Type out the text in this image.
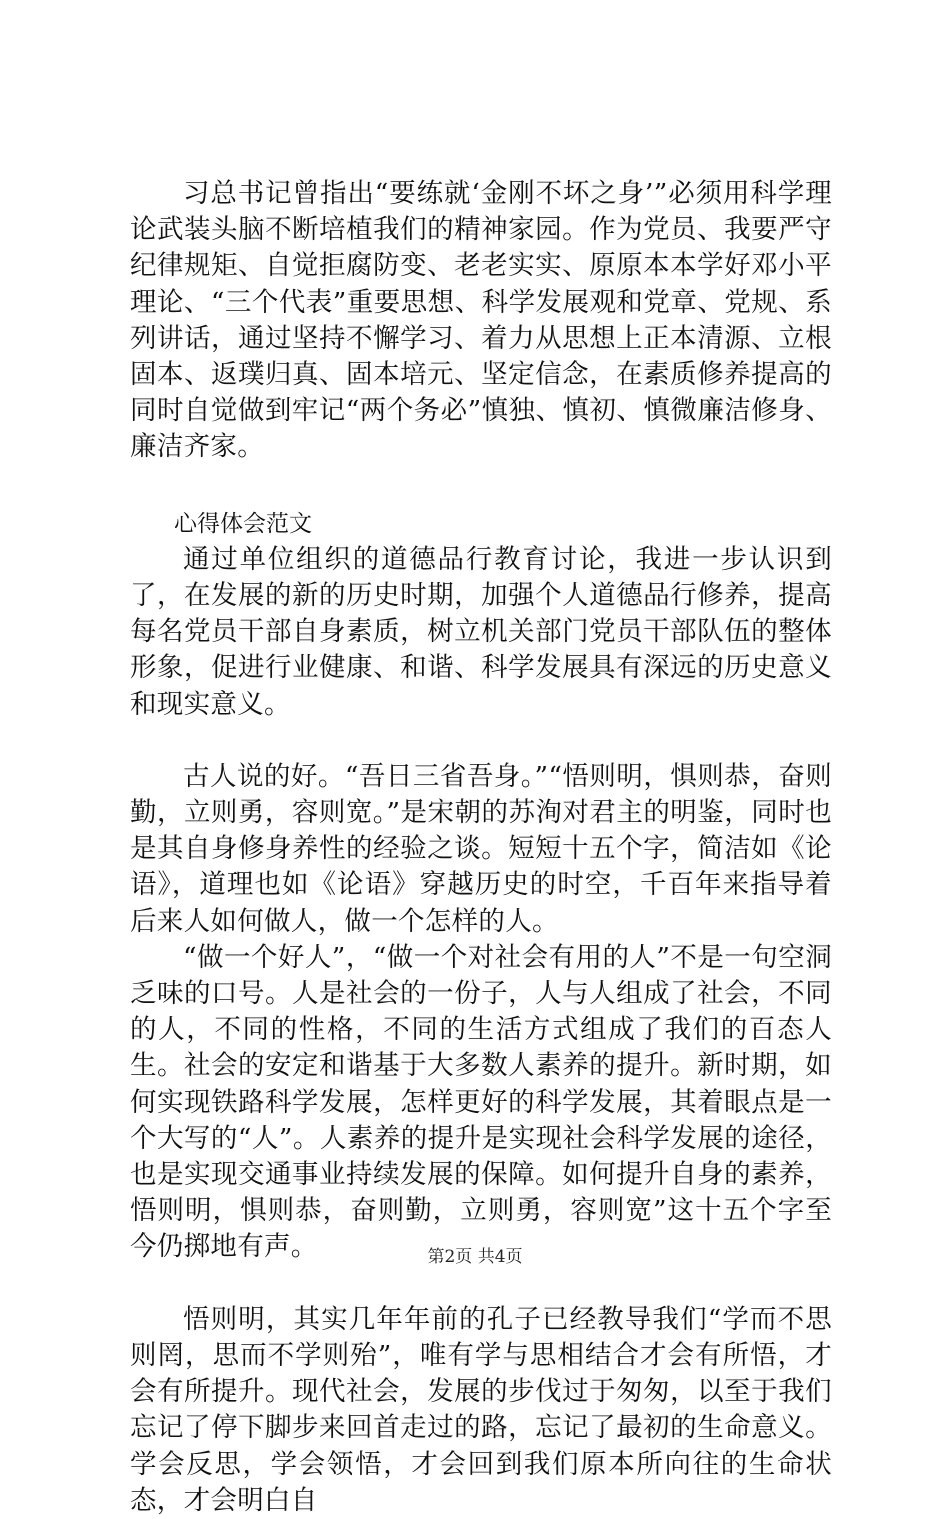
习总书记曾指出“要练就‘金刚不坏之身’”必须用科学理论武装头脑不断培植我们的精神家园。作为党员、我要严守纪律规矩、自觉拒腐防变、老老实实、原原本本学好邓小平理论、“三个代表”重要思想、科学发展观和党章、党规、系列讲话，通过坚持不懈学习、着力从思想上正本清源、立根固本、返璞归真、固本培元、坚定信念，在素质修养提高的同时自觉做到牢记“两个务必”慎独、慎初、慎微廉洁修身、廉洁齐家。

心得体会范文

通过单位组织的道德品行教育讨论，我进一步认识到了，在发展的新的历史时期，加强个人道德品行修养，提高每名党员干部自身素质，树立机关部门党员干部队伍的整体形象，促进行业健康、和谐、科学发展具有深远的历史意义和现实意义。

古人说的好。“吾日三省吾身。”“悟则明，惧则恭，奋则勤，立则勇，容则宽。”是宋朝的苏洵对君主的明鉴，同时也是其自身修身养性的经验之谈。短短十五个字，简洁如《论语》，道理也如《论语》穿越历史的时空，千百年来指导着后来人如何做人，做一个怎样的人。

“做一个好人”，“做一个对社会有用的人”不是一句空洞乏味的口号。人是社会的一份子，人与人组成了社会，不同的人，不同的性格，不同的生活方式组成了我们的百态人生。社会的安定和谐基于大多数人素养的提升。新时期，如何实现铁路科学发展，怎样更好的科学发展，其着眼点是一个大写的“人”。人素养的提升是实现社会科学发展的途径，也是实现交通事业持续发展的保障。如何提升自身的素养，悟则明，惧则恭，奋则勤，立则勇，容则宽”这十五个字至今仍掷地有声。

悟则明，其实几年年前的孔子已经教导我们“学而不思则罔，思而不学则殆”，唯有学与思相结合才会有所悟，才会有所提升。现代社会，发展的步伐过于匆匆，以至于我们忘记了停下脚步来回首走过的路，忘记了最初的生命意义。学会反思，学会领悟，才会回到我们原本所向往的生命状态，才会明白自

第2页 共4页
